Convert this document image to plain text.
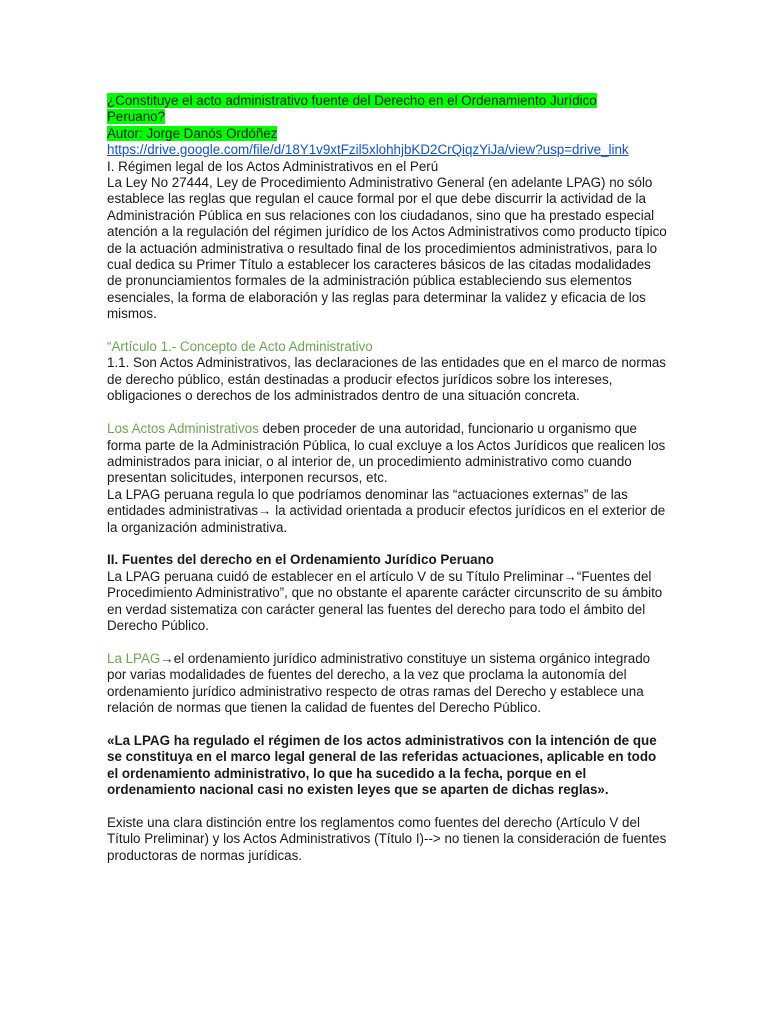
¿Constituye el acto administrativo fuente del Derecho en el Ordenamiento Jurídico
Peruano?

Autor: Jorge Danós Ordóñez

https://drive.google.com/file/d/18Y1v9xtFzil5xlohhjbKD2CrQiqzYiJa/view?usp=drive_link

I. Régimen legal de los Actos Administrativos en el Perú

La Ley No 27444, Ley de Procedimiento Administrativo General (en adelante LPAG) no sólo establece las reglas que regulan el cauce formal por el que debe discurrir la actividad de la Administración Pública en sus relaciones con los ciudadanos, sino que ha prestado especial atención a la regulación del régimen jurídico de los Actos Administrativos como producto típico de la actuación administrativa o resultado final de los procedimientos administrativos, para lo cual dedica su Primer Título a establecer los caracteres básicos de las citadas modalidades de pronunciamientos formales de la administración pública estableciendo sus elementos esenciales, la forma de elaboración y las reglas para determinar la validez y eficacia de los mismos.

“Artículo 1.- Concepto de Acto Administrativo

1.1. Son Actos Administrativos, las declaraciones de las entidades que en el marco de normas de derecho público, están destinadas a producir efectos jurídicos sobre los intereses, obligaciones o derechos de los administrados dentro de una situación concreta.

Los Actos Administrativos deben proceder de una autoridad, funcionario u organismo que forma parte de la Administración Pública, lo cual excluye a los Actos Jurídicos que realicen los administrados para iniciar, o al interior de, un procedimiento administrativo como cuando presentan solicitudes, interponen recursos, etc.

La LPAG peruana regula lo que podríamos denominar las “actuaciones externas” de las entidades administrativas→ la actividad orientada a producir efectos jurídicos en el exterior de la organización administrativa.

II. Fuentes del derecho en el Ordenamiento Jurídico Peruano

La LPAG peruana cuidó de establecer en el artículo V de su Título Preliminar→“Fuentes del

Procedimiento Administrativo”, que no obstante el aparente carácter circunscrito de su ámbito en verdad sistematiza con carácter general las fuentes del derecho para todo el ámbito del Derecho Público.

La LPAG→el ordenamiento jurídico administrativo constituye un sistema orgánico integrado por varias modalidades de fuentes del derecho, a la vez que proclama la autonomía del ordenamiento jurídico administrativo respecto de otras ramas del Derecho y establece una relación de normas que tienen la calidad de fuentes del Derecho Público.

«La LPAG ha regulado el régimen de los actos administrativos con la intención de que se constituya en el marco legal general de las referidas actuaciones, aplicable en todo el ordenamiento administrativo, lo que ha sucedido a la fecha, porque en el ordenamiento nacional casi no existen leyes que se aparten de dichas reglas».

Existe una clara distinción entre los reglamentos como fuentes del derecho (Artículo V del Título Preliminar) y los Actos Administrativos (Título I)--> no tienen la consideración de fuentes productoras de normas jurídicas.
